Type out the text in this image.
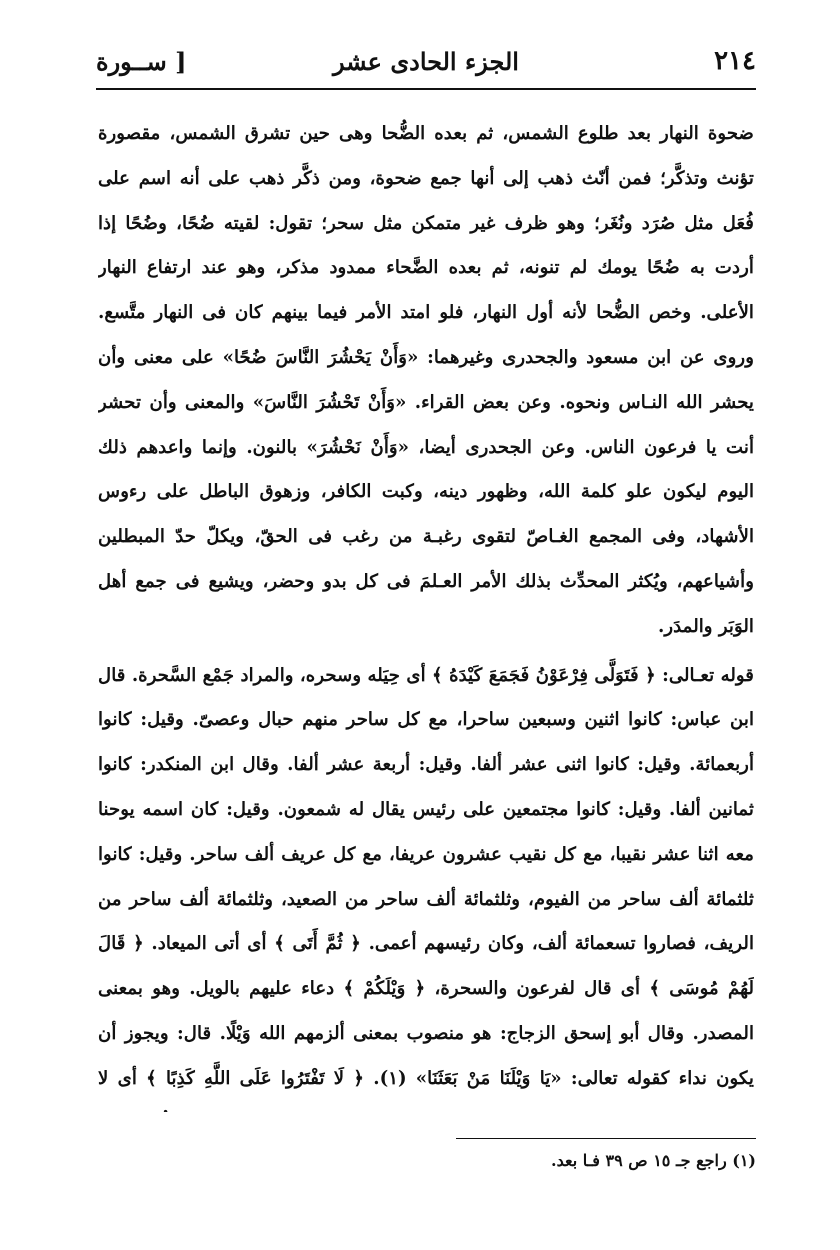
٢١٤
الجزء الحادى عشر
[ ســورة

ضحوة النهار بعد طلوع الشمس، ثم بعده الضُّحا وهى حين تشرق الشمس، مقصورة تؤنث وتذكَّر؛ فمن أنّث ذهب إلى أنها جمع ضحوة، ومن ذكَّر ذهب على أنه اسم على فُعَل مثل صُرَد ونُغَر؛ وهو ظرف غير متمكن مثل سحر؛ تقول: لقيته ضُحًا، وضُحًا إذا أردت به ضُحًا يومك لم تنونه، ثم بعده الضَّحاء ممدود مذكر، وهو عند ارتفاع النهار الأعلى. وخص الضُّحا لأنه أول النهار، فلو امتد الأمر فيما بينهم كان فى النهار متَّسع. وروى عن ابن مسعود والجحدرى وغيرهما: «وَأَنْ يَحْشُرَ النَّاسَ ضُحًا» على معنى وأن يحشر الله النـاس ونحوه. وعن بعض القراء. «وَأَنْ تَحْشُرَ النَّاسَ» والمعنى وأن تحشر أنت يا فرعون الناس. وعن الجحدرى أيضا، «وَأَنْ نَحْشُرَ» بالنون. وإنما واعدهم ذلك اليوم ليكون علو كلمة الله، وظهور دينه، وكبت الكافر، وزهوق الباطل على رءوس الأشهاد، وفى المجمع الغـاصّ لتقوى رغبـة من رغب فى الحقّ، ويكلّ حدّ المبطلين وأشياعهم، ويُكثر المحدِّث بذلك الأمر العـلمَ فى كل بدو وحضر، ويشيع فى جمع أهل الوَبَر والمدَر.

قوله تعـالى: ﴿ فَتَوَلَّى فِرْعَوْنُ فَجَمَعَ كَيْدَهُ ﴾ أى حِيَله وسحره، والمراد جَمْع السَّحرة. قال ابن عباس: كانوا اثنين وسبعين ساحرا، مع كل ساحر منهم حبال وعصىّ. وقيل: كانوا أربعمائة. وقيل: كانوا اثنى عشر ألفا. وقيل: أربعة عشر ألفا. وقال ابن المنكدر: كانوا ثمانين ألفا. وقيل: كانوا مجتمعين على رئيس يقال له شمعون. وقيل: كان اسمه يوحنا معه اثنا عشر نقيبا، مع كل نقيب عشرون عريفا، مع كل عريف ألف ساحر. وقيل: كانوا ثلثمائة ألف ساحر من الفيوم، وثلثمائة ألف ساحر من الصعيد، وثلثمائة ألف ساحر من الريف، فصاروا تسعمائة ألف، وكان رئيسهم أعمى. ﴿ ثُمَّ أَتَى ﴾ أى أتى الميعاد. ﴿ قَالَ لَهُمْ مُوسَى ﴾ أى قال لفرعون والسحرة، ﴿ وَيْلَكُمْ ﴾ دعاء عليهم بالويل. وهو بمعنى المصدر. وقال أبو إسحق الزجاج: هو منصوب بمعنى ألزمهم الله وَيْلًا. قال: ويجوز أن يكون نداء كقوله تعالى: «يَا وَيْلَنَا مَنْ بَعَثَنَا» (١). ﴿ لَا تَفْتَرُوا عَلَى اللَّهِ كَذِبًا ﴾ أى لا

(١) راجع جـ ١٥ ص ٣٩ فـا بعد.
